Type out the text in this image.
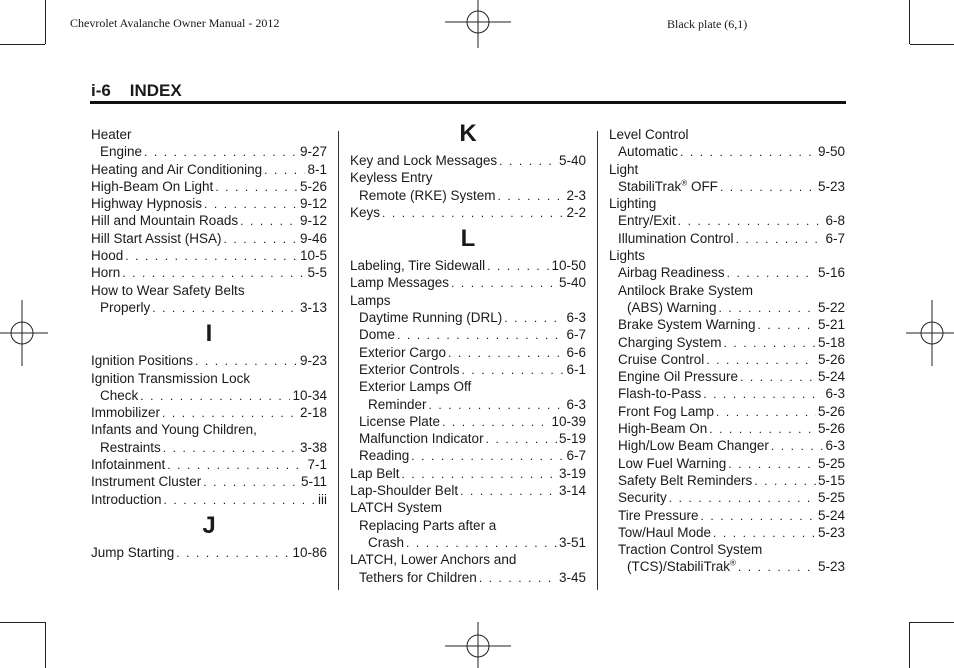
Chevrolet Avalanche Owner Manual - 2012	Black plate (6,1)
i-6 INDEX
Heater
Engine . . .	9-27
Heating and Air Conditioning . . .	8-1
High-Beam On Light . . .	5-26
Highway Hypnosis . . .	9-12
Hill and Mountain Roads . . .	9-12
Hill Start Assist (HSA) . . .	9-46
Hood . . .	10-5
Horn . . .	5-5
How to Wear Safety Belts
Properly . . .	3-13
I
Ignition Positions . . .	9-23
Ignition Transmission Lock
Check . . .	10-34
Immobilizer . . .	2-18
Infants and Young Children,
Restraints . . .	3-38
Infotainment . . .	7-1
Instrument Cluster . . .	5-11
Introduction . . .	iii
J
Jump Starting . . .	10-86
K
Key and Lock Messages . . .	5-40
Keyless Entry
Remote (RKE) System . . .	2-3
Keys . . .	2-2
L
Labeling, Tire Sidewall . . .	10-50
Lamp Messages . . .	5-40
Lamps
Daytime Running (DRL) . . .	6-3
Dome . . .	6-7
Exterior Cargo . . .	6-6
Exterior Controls . . .	6-1
Exterior Lamps Off
Reminder . . .	6-3
License Plate . . .	10-39
Malfunction Indicator . . .	5-19
Reading . . .	6-7
Lap Belt . . .	3-19
Lap-Shoulder Belt . . .	3-14
LATCH System
Replacing Parts after a
Crash . . .	3-51
LATCH, Lower Anchors and
Tethers for Children . . .	3-45
Level Control
Automatic . . .	9-50
Light
StabiliTrak® OFF . . .	5-23
Lighting
Entry/Exit . . .	6-8
Illumination Control . . .	6-7
Lights
Airbag Readiness . . .	5-16
Antilock Brake System
(ABS) Warning . . .	5-22
Brake System Warning . . .	5-21
Charging System . . .	5-18
Cruise Control . . .	5-26
Engine Oil Pressure . . .	5-24
Flash-to-Pass . . .	6-3
Front Fog Lamp . . .	5-26
High-Beam On . . .	5-26
High/Low Beam Changer . . .	6-3
Low Fuel Warning . . .	5-25
Safety Belt Reminders . . .	5-15
Security . . .	5-25
Tire Pressure . . .	5-24
Tow/Haul Mode . . .	5-23
Traction Control System
(TCS)/StabiliTrak® . . .	5-23
